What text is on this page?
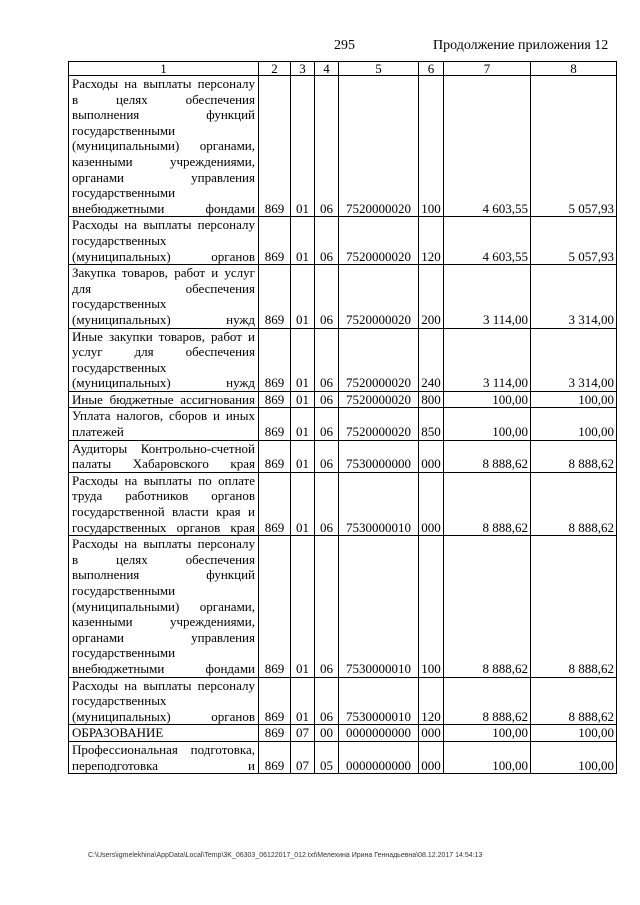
295	Продолжение приложения 12
1	2	3	4	5	6	7	8
Расходы на выплаты персоналу в целях обеспечения выполнения функций государственными (муниципальными) органами, казенными учреждениями, органами управления государственными внебюджетными фондами	869	01	06	7520000020	100	4 603,55	5 057,93
Расходы на выплаты персоналу государственных (муниципальных) органов	869	01	06	7520000020	120	4 603,55	5 057,93
Закупка товаров, работ и услуг для обеспечения государственных (муниципальных) нужд	869	01	06	7520000020	200	3 114,00	3 314,00
Иные закупки товаров, работ и услуг для обеспечения государственных (муниципальных) нужд	869	01	06	7520000020	240	3 114,00	3 314,00
Иные бюджетные ассигнования	869	01	06	7520000020	800	100,00	100,00
Уплата налогов, сборов и иных платежей	869	01	06	7520000020	850	100,00	100,00
Аудиторы Контрольно-счетной палаты Хабаровского края	869	01	06	7530000000	000	8 888,62	8 888,62
Расходы на выплаты по оплате труда работников органов государственной власти края и государственных органов края	869	01	06	7530000010	000	8 888,62	8 888,62
Расходы на выплаты персоналу в целях обеспечения выполнения функций государственными (муниципальными) органами, казенными учреждениями, органами управления государственными внебюджетными фондами	869	01	06	7530000010	100	8 888,62	8 888,62
Расходы на выплаты персоналу государственных (муниципальных) органов	869	01	06	7530000010	120	8 888,62	8 888,62
ОБРАЗОВАНИЕ	869	07	00	0000000000	000	100,00	100,00
Профессиональная подготовка, переподготовка и	869	07	05	0000000000	000	100,00	100,00
C:\Users\igmelekhina\AppData\Local\Temp\3K_06303_06122017_012.txt\Мелехина Ирина Геннадьевна\08.12.2017 14:54:13
